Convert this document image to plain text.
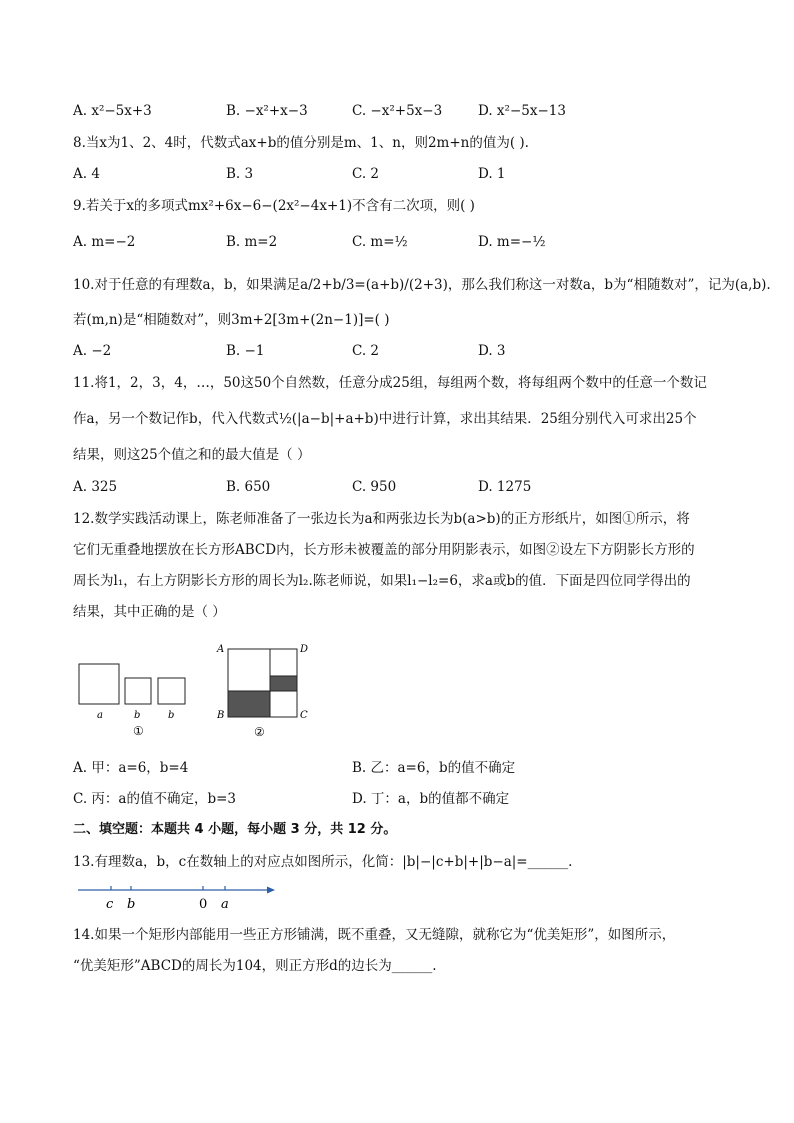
A. x²−5x+3	B. −x²+x−3	C. −x²+5x−3	D. x²−5x−13
8.当x为1、2、4时，代数式ax+b的值分别是m、1、n，则2m+n的值为( ).
A. 4	B. 3	C. 2	D. 1
9.若关于x的多项式mx²+6x−6−(2x²−4x+1)不含有二次项，则( )
A. m=−2	B. m=2	C. m=½	D. m=−½
10.对于任意的有理数a，b，如果满足a/2+b/3=(a+b)/(2+3)，那么我们称这一对数a，b为“相随数对”，记为(a,b).
若(m,n)是“相随数对”，则3m+2[3m+(2n−1)]=( )
A. −2	B. −1	C. 2	D. 3
11.将1，2，3，4，…，50这50个自然数，任意分成25组，每组两个数，将每组两个数中的任意一个数记
作a，另一个数记作b，代入代数式½(|a−b|+a+b)中进行计算，求出其结果．25组分别代入可求出25个
结果，则这25个值之和的最大值是（ ）
A. 325	B. 650	C. 950	D. 1275
12.数学实践活动课上，陈老师准备了一张边长为a和两张边长为b(a>b)的正方形纸片，如图①所示，将
它们无重叠地摆放在长方形ABCD内，长方形未被覆盖的部分用阴影表示，如图②设左下方阴影长方形的
周长为l₁，右上方阴影长方形的周长为l₂.陈老师说，如果l₁−l₂=6，求a或b的值．下面是四位同学得出的
结果，其中正确的是（ ）
a	b	b
①
A	D
B	C
②
A. 甲：a=6，b=4	B. 乙：a=6，b的值不确定
C. 丙：a的值不确定，b=3	D. 丁：a，b的值都不确定
二、填空题：本题共 4 小题，每小题 3 分，共 12 分。
13.有理数a，b，c在数轴上的对应点如图所示，化简：|b|−|c+b|+|b−a|=______.
c b	0 a
14.如果一个矩形内部能用一些正方形铺满，既不重叠，又无缝隙，就称它为“优美矩形”，如图所示，
“优美矩形”ABCD的周长为104，则正方形d的边长为______.
